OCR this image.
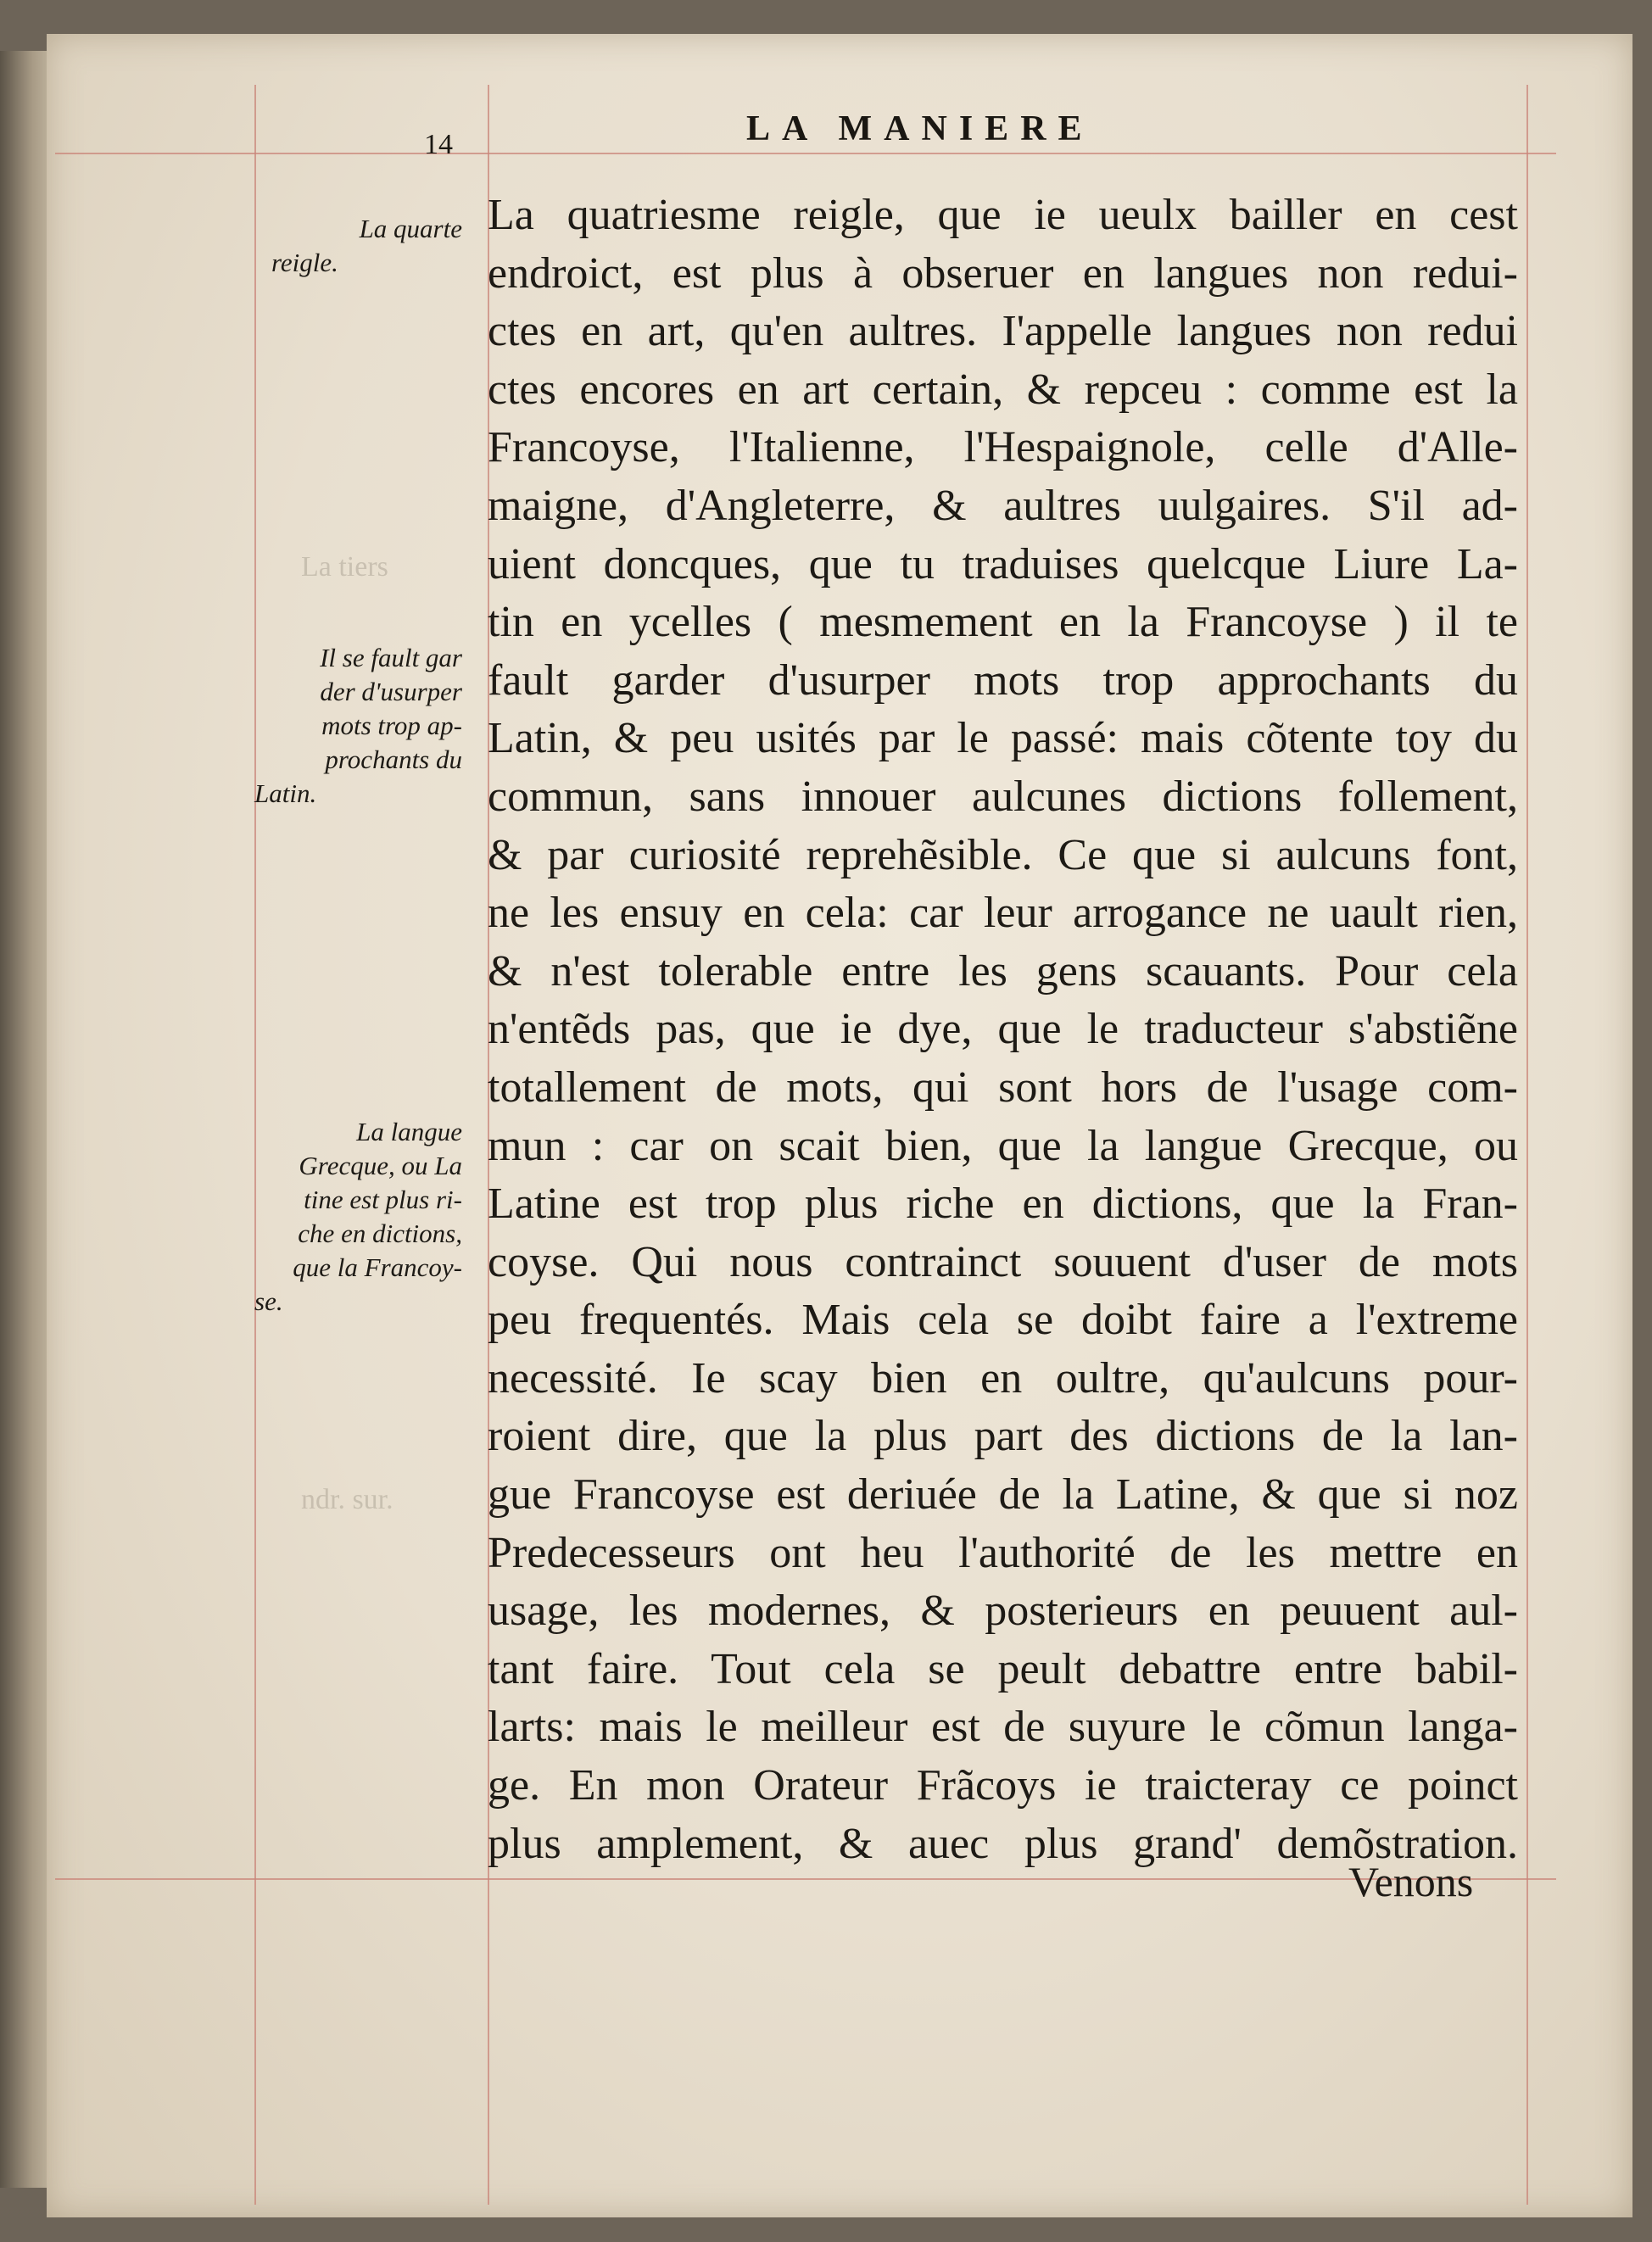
La tiers
ndr. sur.
14	LA MANIERE
La quatriesme reigle, que ie ueulx bailler en cest
endroict, est plus à obseruer en langues non redui-
ctes en art, qu'en aultres. I'appelle langues non redui
ctes encores en art certain, & repceu : comme est la
Francoyse, l'Italienne, l'Hespaignole, celle d'Alle-
maigne, d'Angleterre, & aultres uulgaires. S'il ad-
uient doncques, que tu traduises quelcque Liure La-
tin en ycelles ( mesmement en la Francoyse ) il te
fault garder d'usurper mots trop approchants du
Latin, & peu usités par le passé: mais cõtente toy du
commun, sans innouer aulcunes dictions follement,
& par curiosité reprehẽsible. Ce que si aulcuns font,
ne les ensuy en cela: car leur arrogance ne uault rien,
& n'est tolerable entre les gens scauants. Pour cela
n'entẽds pas, que ie dye, que le traducteur s'abstiẽne
totallement de mots, qui sont hors de l'usage com-
mun : car on scait bien, que la langue Grecque, ou
Latine est trop plus riche en dictions, que la Fran-
coyse. Qui nous contrainct souuent d'user de mots
peu frequentés. Mais cela se doibt faire a l'extreme
necessité. Ie scay bien en oultre, qu'aulcuns pour-
roient dire, que la plus part des dictions de la lan-
gue Francoyse est deriuée de la Latine, & que si noz
Predecesseurs ont heu l'authorité de les mettre en
usage, les modernes, & posterieurs en peuuent aul-
tant faire. Tout cela se peult debattre entre babil-
larts: mais le meilleur est de suyure le cõmun langa-
ge. En mon Orateur Frãcoys ie traicteray ce poinct
plus amplement, & auec plus grand' demõstration.
Venons
La quarte
reigle.
Il se fault gar
der d'usurper
mots trop ap-
prochants du
Latin.
La langue
Grecque, ou La
tine est plus ri-
che en dictions,
que la Francoy-
se.
